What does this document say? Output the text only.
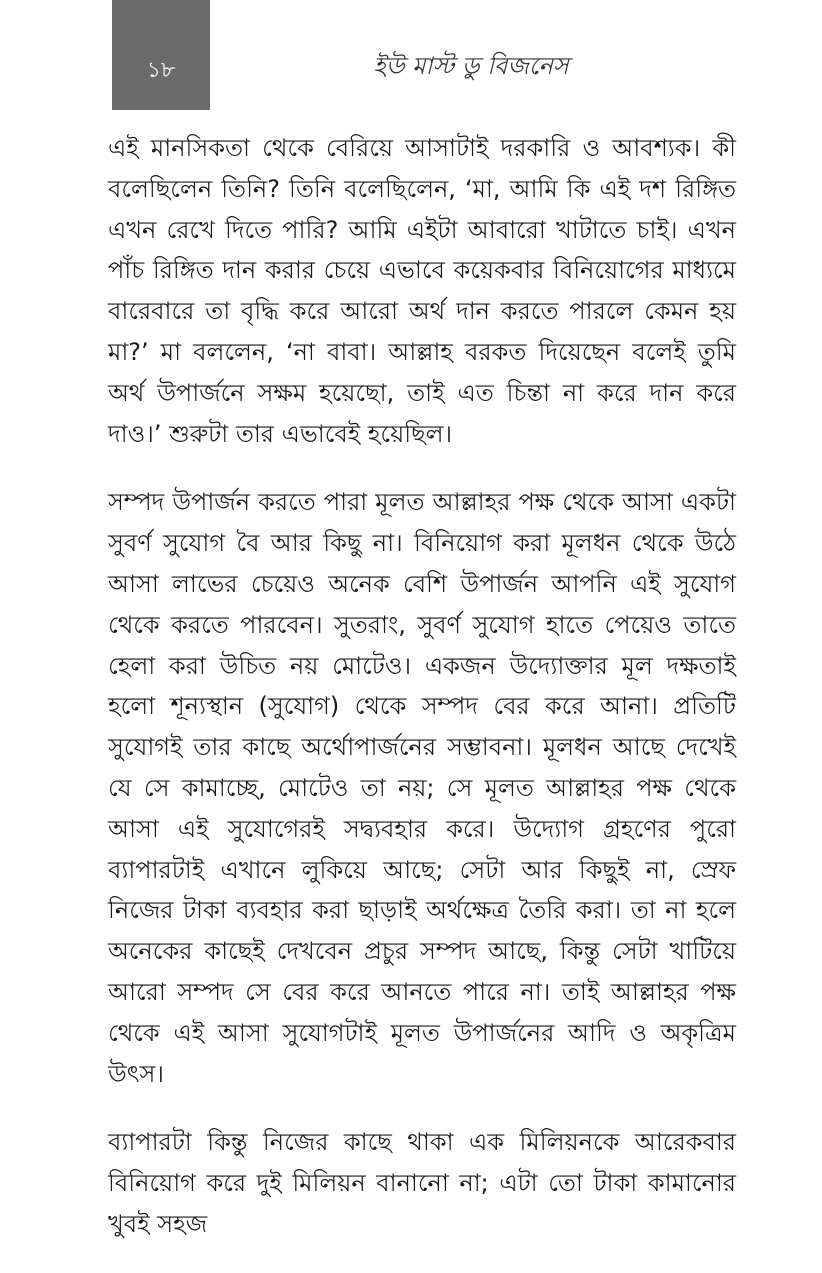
১৮	ইউ মাস্ট ডু বিজনেস

এই মানসিকতা থেকে বেরিয়ে আসাটাই দরকারি ও আবশ্যক। কী বলেছিলেন তিনি? তিনি বলেছিলেন, ‘মা, আমি কি এই দশ রিঙ্গিত এখন রেখে দিতে পারি? আমি এইটা আবারো খাটাতে চাই। এখন পাঁচ রিঙ্গিত দান করার চেয়ে এভাবে কয়েকবার বিনিয়োগের মাধ্যমে বারেবারে তা বৃদ্ধি করে আরো অর্থ দান করতে পারলে কেমন হয় মা?’ মা বললেন, ‘না বাবা। আল্লাহ বরকত দিয়েছেন বলেই তুমি অর্থ উপার্জনে সক্ষম হয়েছো, তাই এত চিন্তা না করে দান করে দাও।’ শুরুটা তার এভাবেই হয়েছিল।

সম্পদ উপার্জন করতে পারা মূলত আল্লাহর পক্ষ থেকে আসা একটা সুবর্ণ সুযোগ বৈ আর কিছু না। বিনিয়োগ করা মূলধন থেকে উঠে আসা লাভের চেয়েও অনেক বেশি উপার্জন আপনি এই সুযোগ থেকে করতে পারবেন। সুতরাং, সুবর্ণ সুযোগ হাতে পেয়েও তাতে হেলা করা উচিত নয় মোটেও। একজন উদ্যোক্তার মূল দক্ষতাই হলো শূন্যস্থান (সুযোগ) থেকে সম্পদ বের করে আনা। প্রতিটি সুযোগই তার কাছে অর্থোপার্জনের সম্ভাবনা। মূলধন আছে দেখেই যে সে কামাচ্ছে, মোটেও তা নয়; সে মূলত আল্লাহর পক্ষ থেকে আসা এই সুযোগেরই সদ্ব্যবহার করে। উদ্যোগ গ্রহণের পুরো ব্যাপারটাই এখানে লুকিয়ে আছে; সেটা আর কিছুই না, স্রেফ নিজের টাকা ব্যবহার করা ছাড়াই অর্থক্ষেত্র তৈরি করা। তা না হলে অনেকের কাছেই দেখবেন প্রচুর সম্পদ আছে, কিন্তু সেটা খাটিয়ে আরো সম্পদ সে বের করে আনতে পারে না। তাই আল্লাহর পক্ষ থেকে এই আসা সুযোগটাই মূলত উপার্জনের আদি ও অকৃত্রিম উৎস।

ব্যাপারটা কিন্তু নিজের কাছে থাকা এক মিলিয়নকে আরেকবার বিনিয়োগ করে দুই মিলিয়ন বানানো না; এটা তো টাকা কামানোর খুবই সহজ
